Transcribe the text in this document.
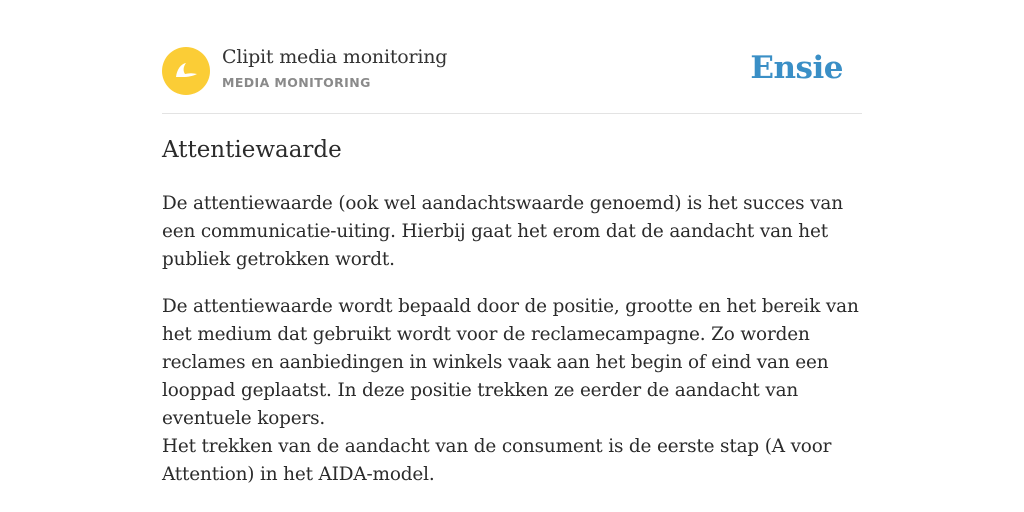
Clipit media monitoring
MEDIA MONITORING	Ensie
Attentiewaarde

De attentiewaarde (ook wel aandachtswaarde genoemd) is het succes van een communicatie-uiting. Hierbij gaat het erom dat de aandacht van het publiek getrokken wordt.

De attentiewaarde wordt bepaald door de positie, grootte en het bereik van het medium dat gebruikt wordt voor de reclamecampagne. Zo worden reclames en aanbiedingen in winkels vaak aan het begin of eind van een looppad geplaatst. In deze positie trekken ze eerder de aandacht van eventuele kopers.

Het trekken van de aandacht van de consument is de eerste stap (A voor Attention) in het AIDA-model.
